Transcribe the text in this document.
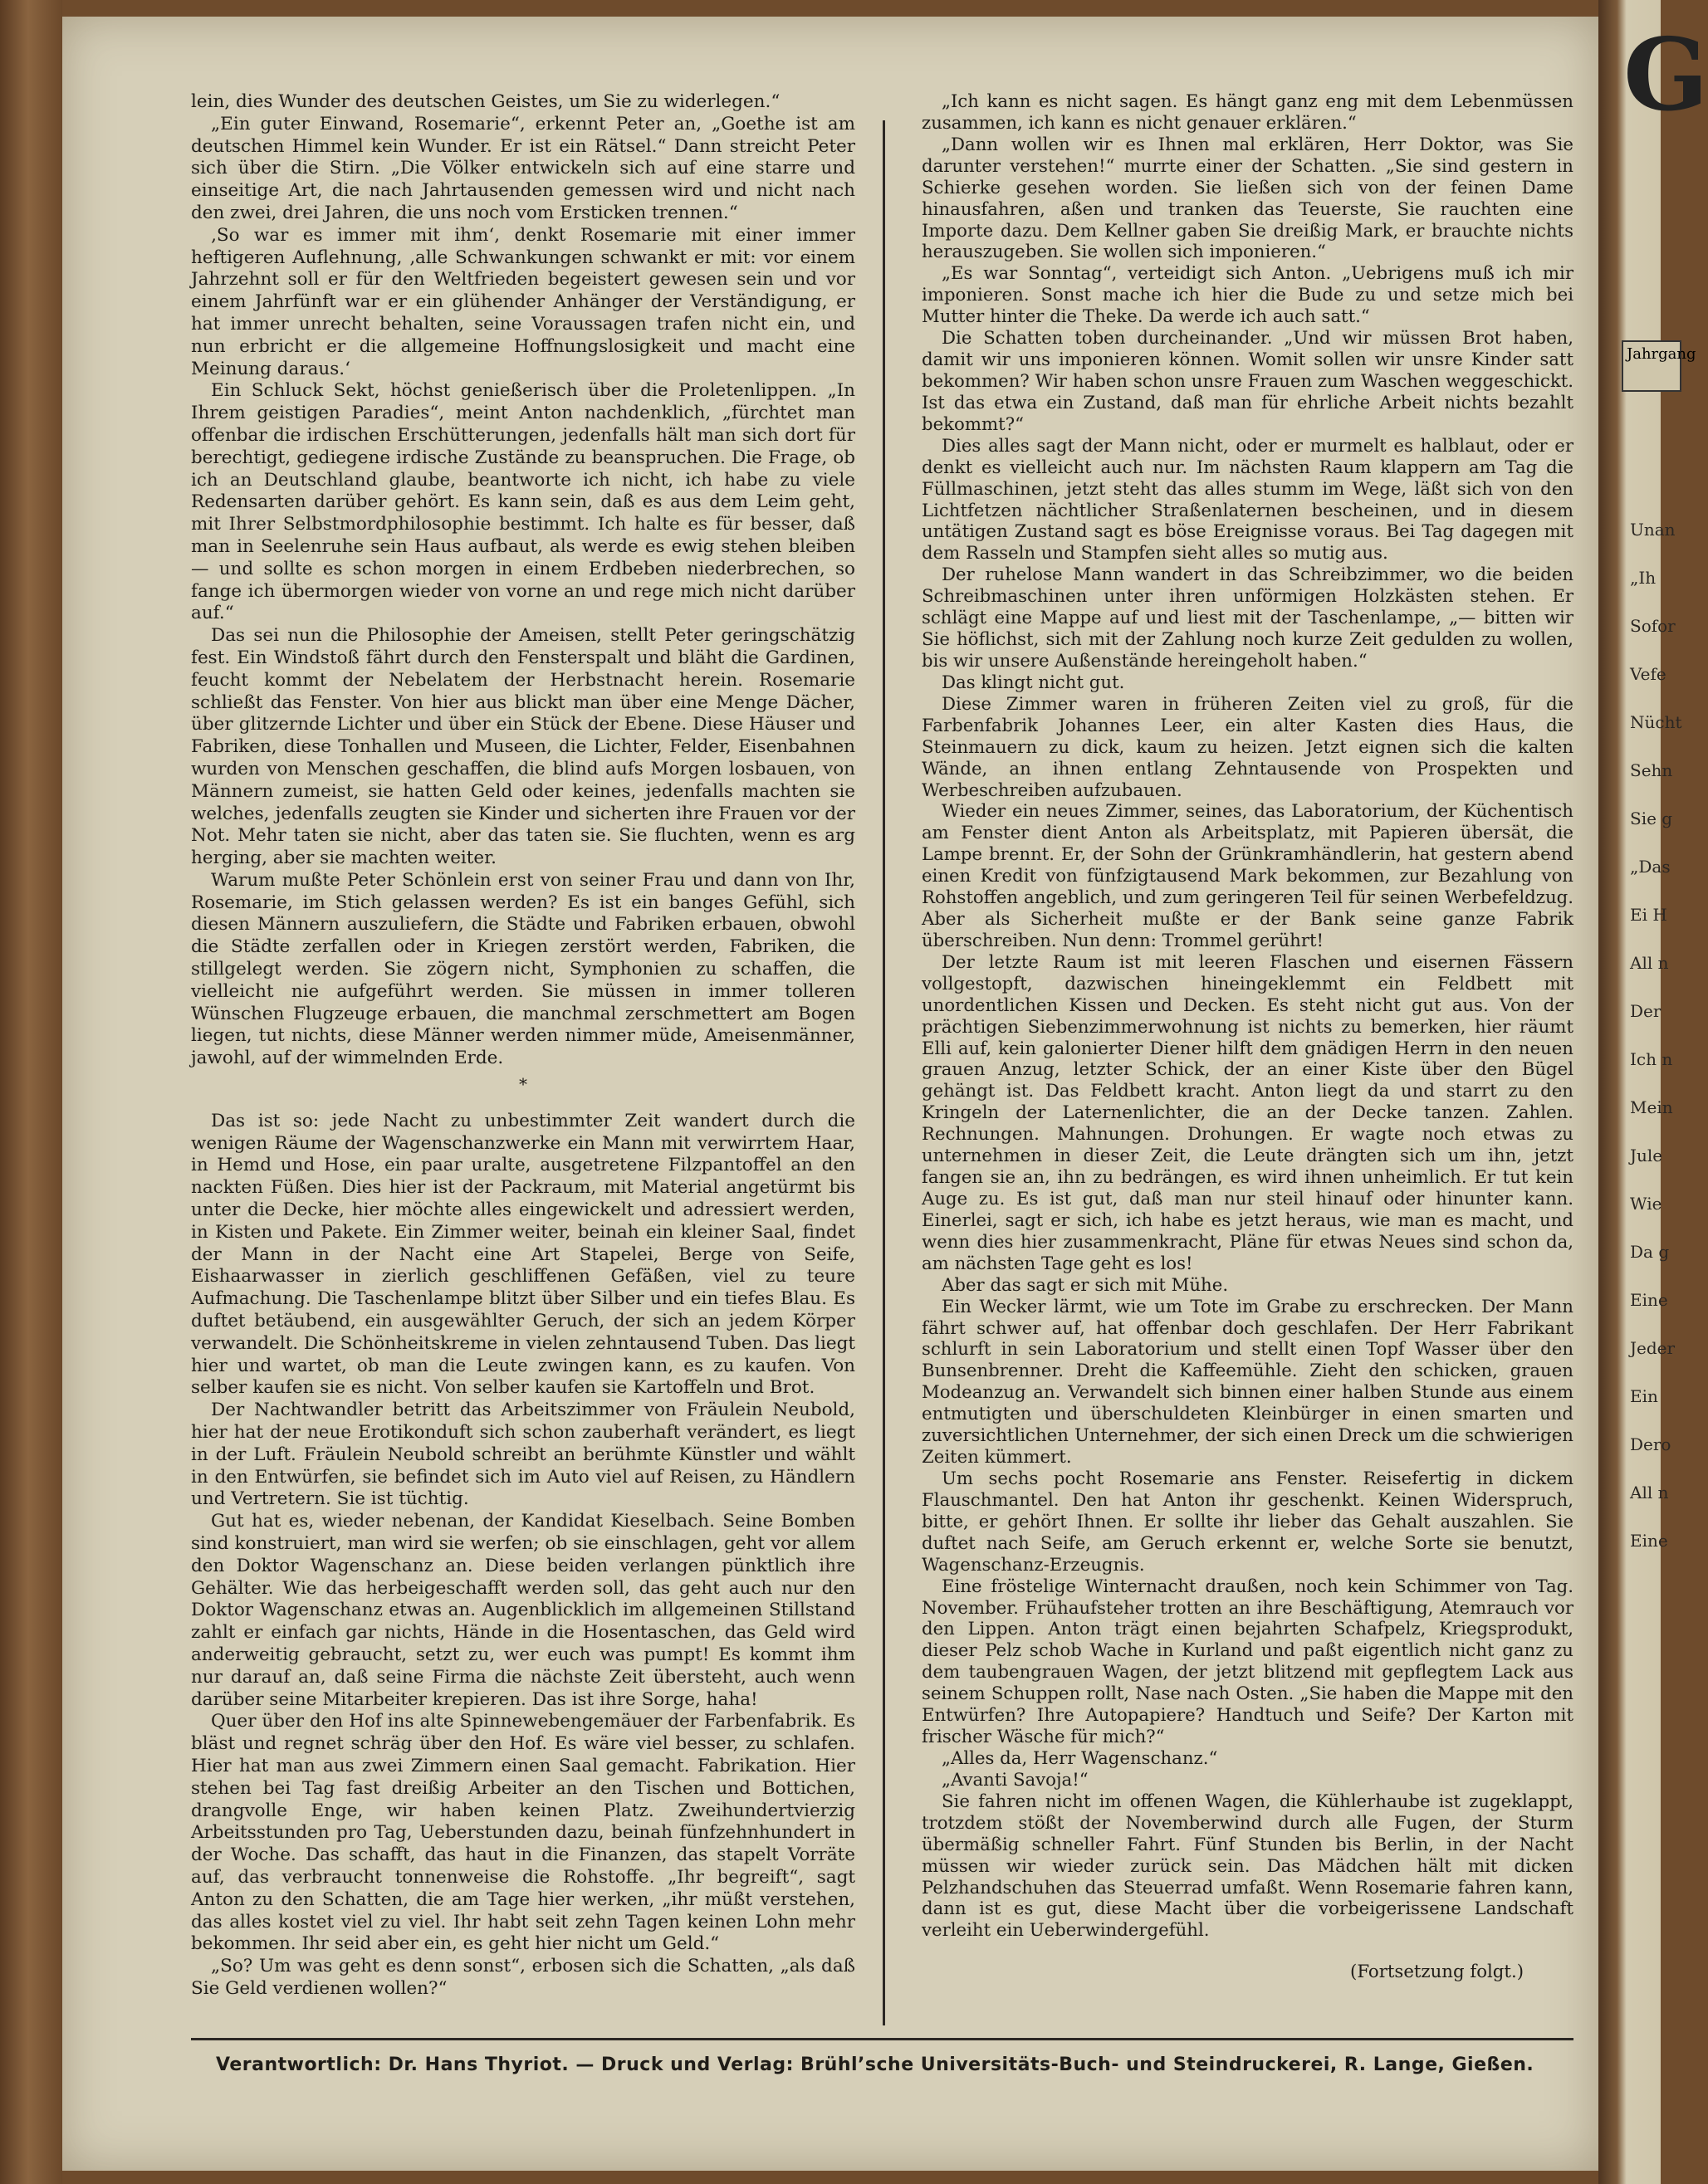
G
Jahrgang
Unan
„Ih
Sofor
Vefe
Nücht
Sehn
Sie g
„Das
Ei H
All n
Der
Ich n
Mein
Jule
Wie
Da g
Eine
Jeder
Ein
Dero
All n
Eine

lein, dies Wunder des deutschen Geistes, um Sie zu widerlegen.“

„Ein guter Einwand, Rosemarie“, erkennt Peter an, „Goethe ist am deutschen Himmel kein Wunder. Er ist ein Rätsel.“ Dann streicht Peter sich über die Stirn. „Die Völker entwickeln sich auf eine starre und einseitige Art, die nach Jahrtausenden gemessen wird und nicht nach den zwei, drei Jahren, die uns noch vom Ersticken trennen.“

‚So war es immer mit ihm‘, denkt Rosemarie mit einer immer heftigeren Auflehnung, ‚alle Schwankungen schwankt er mit: vor einem Jahrzehnt soll er für den Weltfrieden begeistert gewesen sein und vor einem Jahrfünft war er ein glühender Anhänger der Verständigung, er hat immer unrecht behalten, seine Voraussagen trafen nicht ein, und nun erbricht er die allgemeine Hoffnungslosigkeit und macht eine Meinung daraus.‘

Ein Schluck Sekt, höchst genießerisch über die Proletenlippen. „In Ihrem geistigen Paradies“, meint Anton nachdenklich, „fürchtet man offenbar die irdischen Erschütterungen, jedenfalls hält man sich dort für berechtigt, gediegene irdische Zustände zu beanspruchen. Die Frage, ob ich an Deutschland glaube, beantworte ich nicht, ich habe zu viele Redensarten darüber gehört. Es kann sein, daß es aus dem Leim geht, mit Ihrer Selbstmordphilosophie bestimmt. Ich halte es für besser, daß man in Seelenruhe sein Haus aufbaut, als werde es ewig stehen bleiben — und sollte es schon morgen in einem Erdbeben niederbrechen, so fange ich übermorgen wieder von vorne an und rege mich nicht darüber auf.“

Das sei nun die Philosophie der Ameisen, stellt Peter geringschätzig fest. Ein Windstoß fährt durch den Fensterspalt und bläht die Gardinen, feucht kommt der Nebelatem der Herbstnacht herein. Rosemarie schließt das Fenster. Von hier aus blickt man über eine Menge Dächer, über glitzernde Lichter und über ein Stück der Ebene. Diese Häuser und Fabriken, diese Tonhallen und Museen, die Lichter, Felder, Eisenbahnen wurden von Menschen geschaffen, die blind aufs Morgen losbauen, von Männern zumeist, sie hatten Geld oder keines, jedenfalls machten sie welches, jedenfalls zeugten sie Kinder und sicherten ihre Frauen vor der Not. Mehr taten sie nicht, aber das taten sie. Sie fluchten, wenn es arg herging, aber sie machten weiter.

Warum mußte Peter Schönlein erst von seiner Frau und dann von Ihr, Rosemarie, im Stich gelassen werden? Es ist ein banges Gefühl, sich diesen Männern auszuliefern, die Städte und Fabriken erbauen, obwohl die Städte zerfallen oder in Kriegen zerstört werden, Fabriken, die stillgelegt werden. Sie zögern nicht, Symphonien zu schaffen, die vielleicht nie aufgeführt werden. Sie müssen in immer tolleren Wünschen Flugzeuge erbauen, die manchmal zerschmettert am Bogen liegen, tut nichts, diese Männer werden nimmer müde, Ameisenmänner, jawohl, auf der wimmelnden Erde.

*

Das ist so: jede Nacht zu unbestimmter Zeit wandert durch die wenigen Räume der Wagenschanzwerke ein Mann mit verwirrtem Haar, in Hemd und Hose, ein paar uralte, ausgetretene Filzpantoffel an den nackten Füßen. Dies hier ist der Packraum, mit Material angetürmt bis unter die Decke, hier möchte alles eingewickelt und adressiert werden, in Kisten und Pakete. Ein Zimmer weiter, beinah ein kleiner Saal, findet der Mann in der Nacht eine Art Stapelei, Berge von Seife, Eishaarwasser in zierlich geschliffenen Gefäßen, viel zu teure Aufmachung. Die Taschenlampe blitzt über Silber und ein tiefes Blau. Es duftet betäubend, ein ausgewählter Geruch, der sich an jedem Körper verwandelt. Die Schönheitskreme in vielen zehntausend Tuben. Das liegt hier und wartet, ob man die Leute zwingen kann, es zu kaufen. Von selber kaufen sie es nicht. Von selber kaufen sie Kartoffeln und Brot.

Der Nachtwandler betritt das Arbeitszimmer von Fräulein Neubold, hier hat der neue Erotikonduft sich schon zauberhaft verändert, es liegt in der Luft. Fräulein Neubold schreibt an berühmte Künstler und wählt in den Entwürfen, sie befindet sich im Auto viel auf Reisen, zu Händlern und Vertretern. Sie ist tüchtig.

Gut hat es, wieder nebenan, der Kandidat Kieselbach. Seine Bomben sind konstruiert, man wird sie werfen; ob sie einschlagen, geht vor allem den Doktor Wagenschanz an. Diese beiden verlangen pünktlich ihre Gehälter. Wie das herbeigeschafft werden soll, das geht auch nur den Doktor Wagenschanz etwas an. Augenblicklich im allgemeinen Stillstand zahlt er einfach gar nichts, Hände in die Hosentaschen, das Geld wird anderweitig gebraucht, setzt zu, wer euch was pumpt! Es kommt ihm nur darauf an, daß seine Firma die nächste Zeit übersteht, auch wenn darüber seine Mitarbeiter krepieren. Das ist ihre Sorge, haha!

Quer über den Hof ins alte Spinnewebengemäuer der Farbenfabrik. Es bläst und regnet schräg über den Hof. Es wäre viel besser, zu schlafen. Hier hat man aus zwei Zimmern einen Saal gemacht. Fabrikation. Hier stehen bei Tag fast dreißig Arbeiter an den Tischen und Bottichen, drangvolle Enge, wir haben keinen Platz. Zweihundertvierzig Arbeitsstunden pro Tag, Ueberstunden dazu, beinah fünfzehnhundert in der Woche. Das schafft, das haut in die Finanzen, das stapelt Vorräte auf, das verbraucht tonnenweise die Rohstoffe. „Ihr begreift“, sagt Anton zu den Schatten, die am Tage hier werken, „ihr müßt verstehen, das alles kostet viel zu viel. Ihr habt seit zehn Tagen keinen Lohn mehr bekommen. Ihr seid aber ein, es geht hier nicht um Geld.“

„So? Um was geht es denn sonst“, erbosen sich die Schatten, „als daß Sie Geld verdienen wollen?“

„Ich kann es nicht sagen. Es hängt ganz eng mit dem Lebenmüssen zusammen, ich kann es nicht genauer erklären.“

„Dann wollen wir es Ihnen mal erklären, Herr Doktor, was Sie darunter verstehen!“ murrte einer der Schatten. „Sie sind gestern in Schierke gesehen worden. Sie ließen sich von der feinen Dame hinausfahren, aßen und tranken das Teuerste, Sie rauchten eine Importe dazu. Dem Kellner gaben Sie dreißig Mark, er brauchte nichts herauszugeben. Sie wollen sich imponieren.“

„Es war Sonntag“, verteidigt sich Anton. „Uebrigens muß ich mir imponieren. Sonst mache ich hier die Bude zu und setze mich bei Mutter hinter die Theke. Da werde ich auch satt.“

Die Schatten toben durcheinander. „Und wir müssen Brot haben, damit wir uns imponieren können. Womit sollen wir unsre Kinder satt bekommen? Wir haben schon unsre Frauen zum Waschen weggeschickt. Ist das etwa ein Zustand, daß man für ehrliche Arbeit nichts bezahlt bekommt?“

Dies alles sagt der Mann nicht, oder er murmelt es halblaut, oder er denkt es vielleicht auch nur. Im nächsten Raum klappern am Tag die Füllmaschinen, jetzt steht das alles stumm im Wege, läßt sich von den Lichtfetzen nächtlicher Straßenlaternen bescheinen, und in diesem untätigen Zustand sagt es böse Ereignisse voraus. Bei Tag dagegen mit dem Rasseln und Stampfen sieht alles so mutig aus.

Der ruhelose Mann wandert in das Schreibzimmer, wo die beiden Schreibmaschinen unter ihren unförmigen Holzkästen stehen. Er schlägt eine Mappe auf und liest mit der Taschenlampe, „— bitten wir Sie höflichst, sich mit der Zahlung noch kurze Zeit gedulden zu wollen, bis wir unsere Außenstände hereingeholt haben.“

Das klingt nicht gut.

Diese Zimmer waren in früheren Zeiten viel zu groß, für die Farbenfabrik Johannes Leer, ein alter Kasten dies Haus, die Steinmauern zu dick, kaum zu heizen. Jetzt eignen sich die kalten Wände, an ihnen entlang Zehntausende von Prospekten und Werbeschreiben aufzubauen.

Wieder ein neues Zimmer, seines, das Laboratorium, der Küchentisch am Fenster dient Anton als Arbeitsplatz, mit Papieren übersät, die Lampe brennt. Er, der Sohn der Grünkramhändlerin, hat gestern abend einen Kredit von fünfzigtausend Mark bekommen, zur Bezahlung von Rohstoffen angeblich, und zum geringeren Teil für seinen Werbefeldzug. Aber als Sicherheit mußte er der Bank seine ganze Fabrik überschreiben. Nun denn: Trommel gerührt!

Der letzte Raum ist mit leeren Flaschen und eisernen Fässern vollgestopft, dazwischen hineingeklemmt ein Feldbett mit unordentlichen Kissen und Decken. Es steht nicht gut aus. Von der prächtigen Siebenzimmerwohnung ist nichts zu bemerken, hier räumt Elli auf, kein galonierter Diener hilft dem gnädigen Herrn in den neuen grauen Anzug, letzter Schick, der an einer Kiste über den Bügel gehängt ist. Das Feldbett kracht. Anton liegt da und starrt zu den Kringeln der Laternenlichter, die an der Decke tanzen. Zahlen. Rechnungen. Mahnungen. Drohungen. Er wagte noch etwas zu unternehmen in dieser Zeit, die Leute drängten sich um ihn, jetzt fangen sie an, ihn zu bedrängen, es wird ihnen unheimlich. Er tut kein Auge zu. Es ist gut, daß man nur steil hinauf oder hinunter kann. Einerlei, sagt er sich, ich habe es jetzt heraus, wie man es macht, und wenn dies hier zusammenkracht, Pläne für etwas Neues sind schon da, am nächsten Tage geht es los!

Aber das sagt er sich mit Mühe.

Ein Wecker lärmt, wie um Tote im Grabe zu erschrecken. Der Mann fährt schwer auf, hat offenbar doch geschlafen. Der Herr Fabrikant schlurft in sein Laboratorium und stellt einen Topf Wasser über den Bunsenbrenner. Dreht die Kaffeemühle. Zieht den schicken, grauen Modeanzug an. Verwandelt sich binnen einer halben Stunde aus einem entmutigten und überschuldeten Kleinbürger in einen smarten und zuversichtlichen Unternehmer, der sich einen Dreck um die schwierigen Zeiten kümmert.

Um sechs pocht Rosemarie ans Fenster. Reisefertig in dickem Flauschmantel. Den hat Anton ihr geschenkt. Keinen Widerspruch, bitte, er gehört Ihnen. Er sollte ihr lieber das Gehalt auszahlen. Sie duftet nach Seife, am Geruch erkennt er, welche Sorte sie benutzt, Wagenschanz-Erzeugnis.

Eine fröstelige Winternacht draußen, noch kein Schimmer von Tag. November. Frühaufsteher trotten an ihre Beschäftigung, Atemrauch vor den Lippen. Anton trägt einen bejahrten Schafpelz, Kriegsprodukt, dieser Pelz schob Wache in Kurland und paßt eigentlich nicht ganz zu dem taubengrauen Wagen, der jetzt blitzend mit gepflegtem Lack aus seinem Schuppen rollt, Nase nach Osten. „Sie haben die Mappe mit den Entwürfen? Ihre Autopapiere? Handtuch und Seife? Der Karton mit frischer Wäsche für mich?“

„Alles da, Herr Wagenschanz.“

„Avanti Savoja!“

Sie fahren nicht im offenen Wagen, die Kühlerhaube ist zugeklappt, trotzdem stößt der Novemberwind durch alle Fugen, der Sturm übermäßig schneller Fahrt. Fünf Stunden bis Berlin, in der Nacht müssen wir wieder zurück sein. Das Mädchen hält mit dicken Pelzhandschuhen das Steuerrad umfaßt. Wenn Rosemarie fahren kann, dann ist es gut, diese Macht über die vorbeigerissene Landschaft verleiht ein Ueberwindergefühl.

(Fortsetzung folgt.)
Verantwortlich: Dr. Hans Thyriot. — Druck und Verlag: Brühl’sche Universitäts-Buch- und Steindruckerei, R. Lange, Gießen.
